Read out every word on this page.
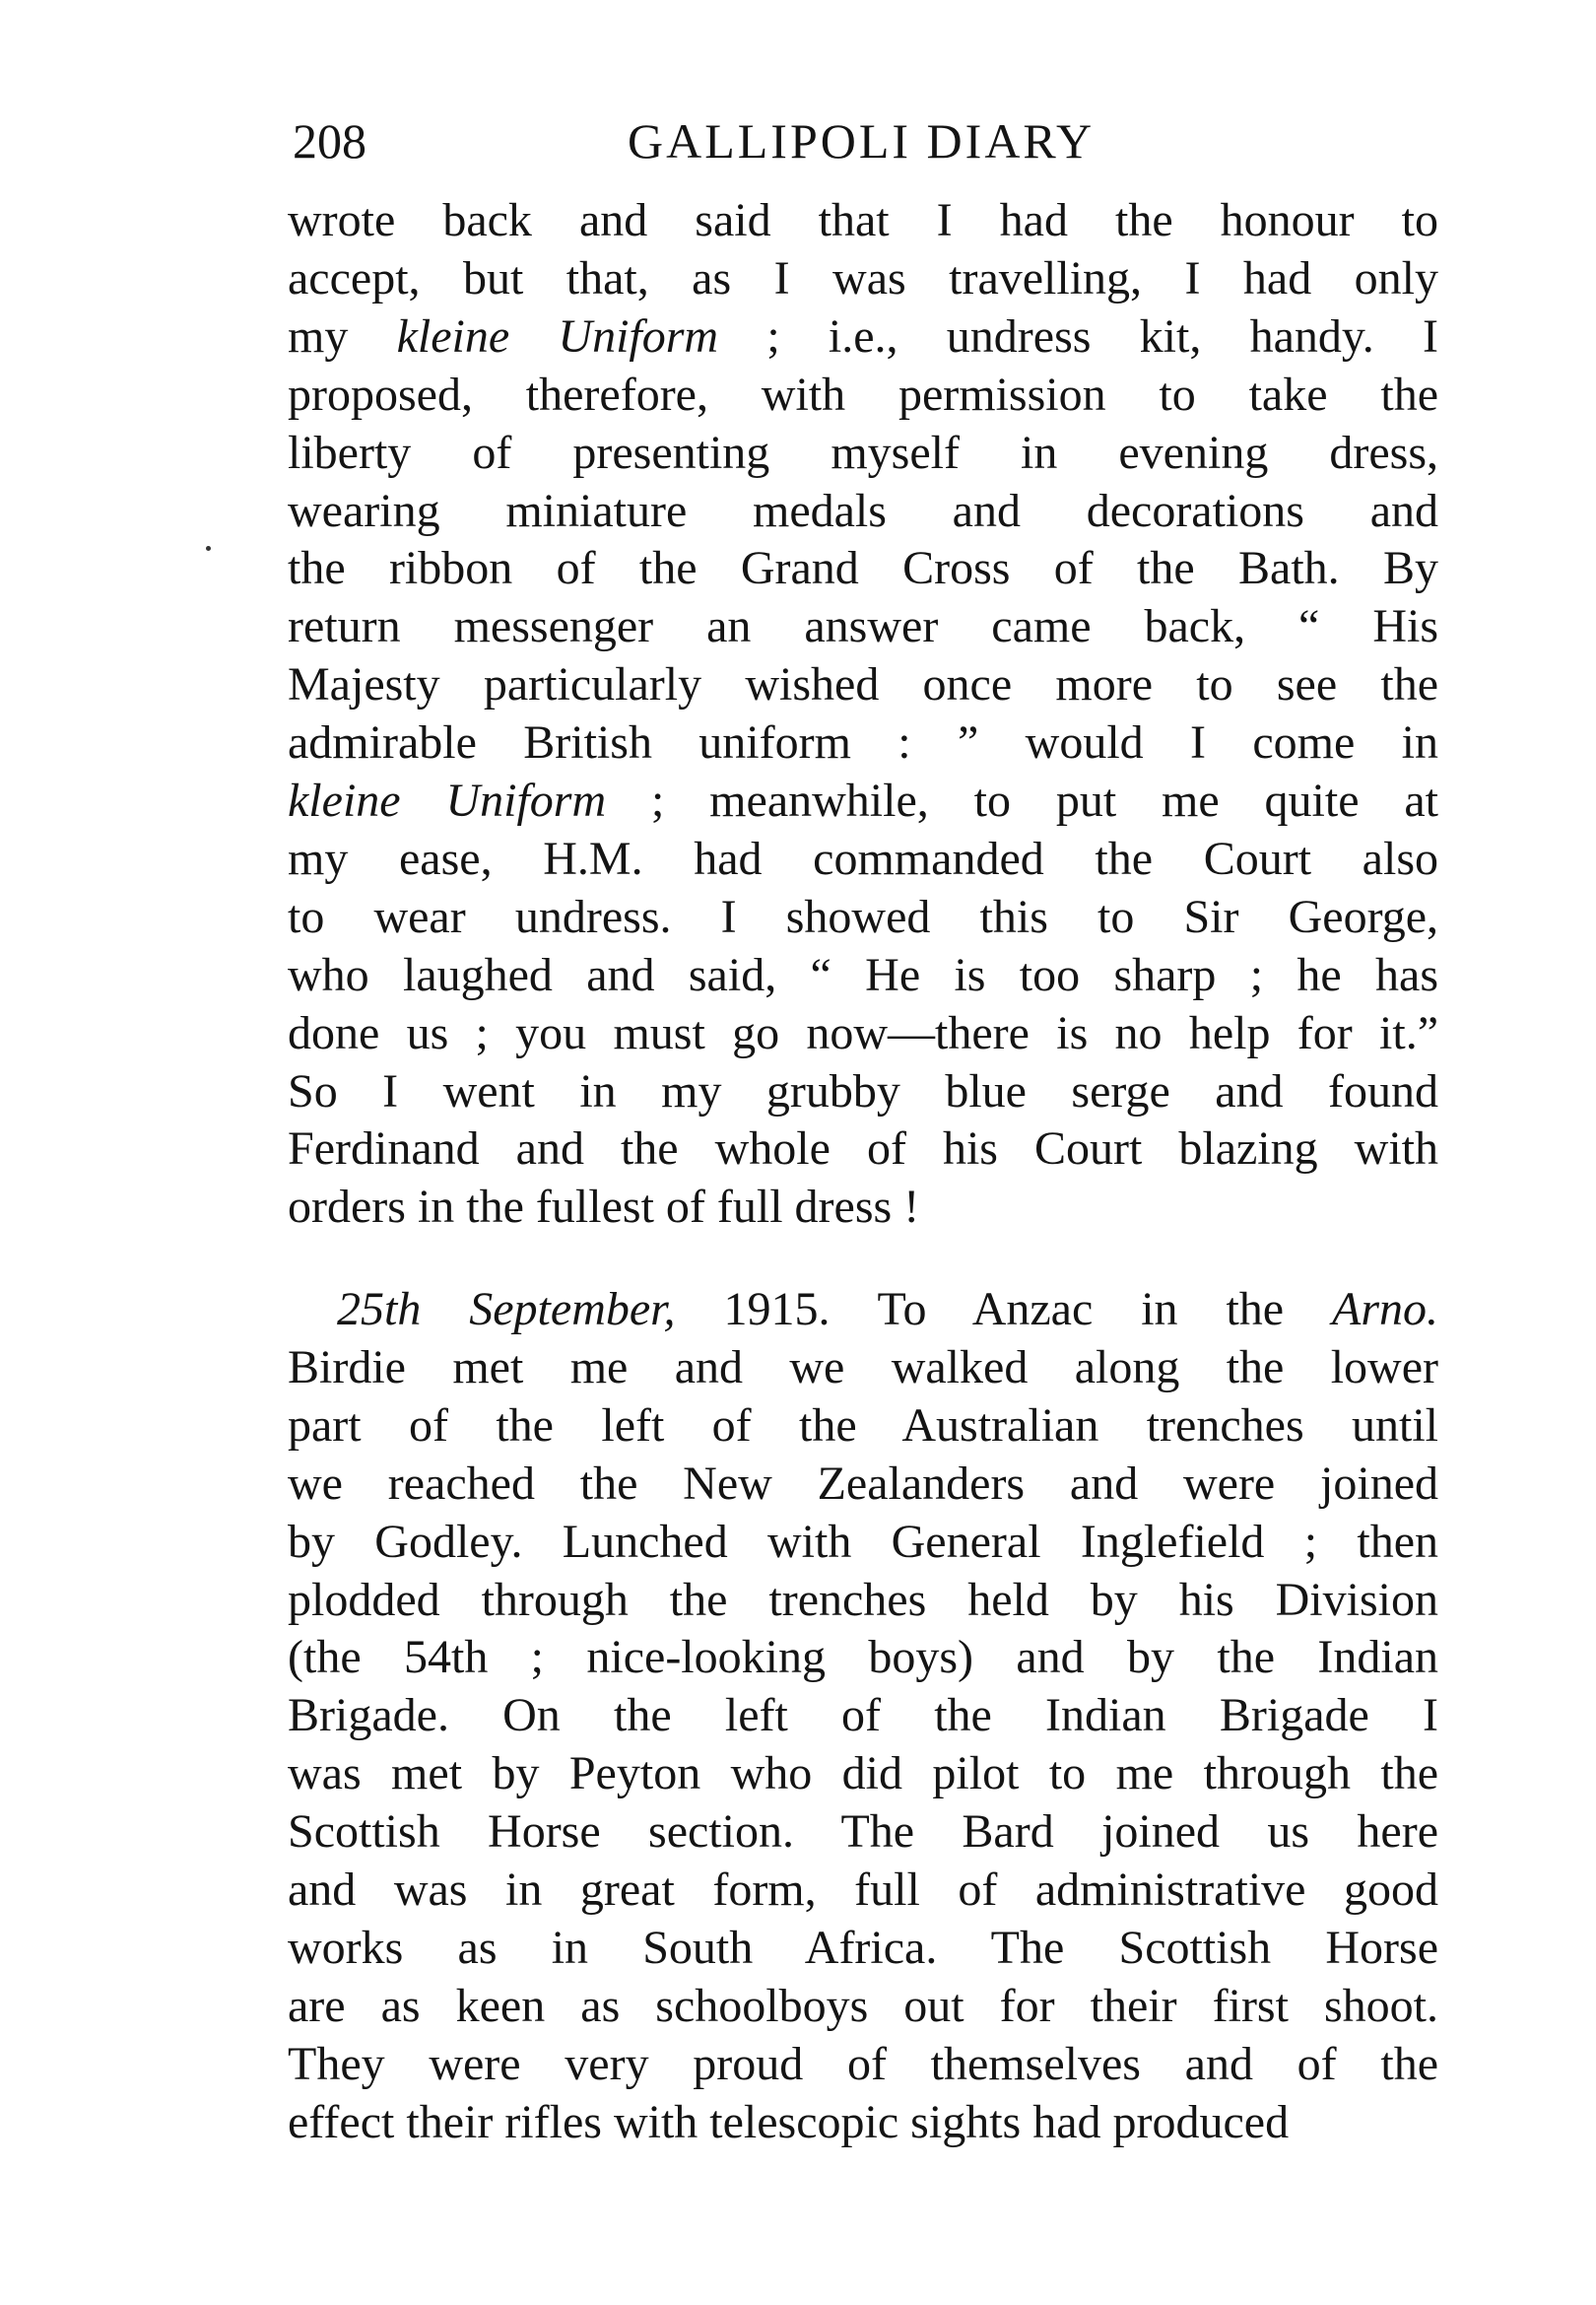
208	GALLIPOLI DIARY
wrote back and said that I had the honour to
accept, but that, as I was travelling, I had only
my kleine Uniform ; i.e., undress kit, handy. I
proposed, therefore, with permission to take the
liberty of presenting myself in evening dress,
wearing miniature medals and decorations and
the ribbon of the Grand Cross of the Bath. By
return messenger an answer came back, “ His
Majesty particularly wished once more to see the
admirable British uniform : ” would I come in
kleine Uniform ; meanwhile, to put me quite at
my ease, H.M. had commanded the Court also
to wear undress. I showed this to Sir George,
who laughed and said, “ He is too sharp ; he has
done us ; you must go now—there is no help for it.”
So I went in my grubby blue serge and found
Ferdinand and the whole of his Court blazing with
orders in the fullest of full dress !
25th September, 1915. To Anzac in the Arno.
Birdie met me and we walked along the lower
part of the left of the Australian trenches until
we reached the New Zealanders and were joined
by Godley. Lunched with General Inglefield ; then
plodded through the trenches held by his Division
(the 54th ; nice-looking boys) and by the Indian
Brigade. On the left of the Indian Brigade I
was met by Peyton who did pilot to me through the
Scottish Horse section. The Bard joined us here
and was in great form, full of administrative good
works as in South Africa. The Scottish Horse
are as keen as schoolboys out for their first shoot.
They were very proud of themselves and of the
effect their rifles with telescopic sights had produced
